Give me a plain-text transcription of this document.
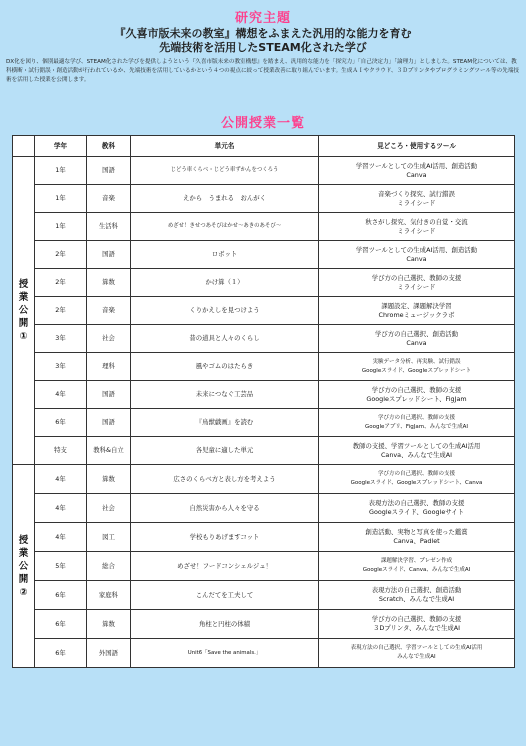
研究主題
『久喜市版未来の教室』構想をふまえた汎用的な能力を育む
先端技術を活用したSTEAM化された学び
DX化を図り、個別最適な学び、STEAM化された学びを提供しようという『久喜市版未来の教室構想』を踏まえ、汎用的な能力を「探究力」「自己決定力」「論理力」としました。STEAM化については、教科横断・試行錯誤・創造活動が行われているか、先端技術を活用しているかという４つの視点に絞って授業改善に取り組んでいます。生成ＡＩやクラウド、３Ｄプリンタやプログラミングツール等の先端技術を活用した授業を公開します。
公開授業一覧
	学年	教科	単元名	見どころ・使用するツール
授業公開①	1年	国語	じどう車くらべ・じどう車ずかんをつくろう	学習ツールとしての生成AI活用、創造活動
Canva

	1年	音楽	えから　うまれる　おんがく	音楽づくり探究、試行錯誤
ミライシード

	1年	生活科	めざせ！きせつあそびはかせ〜あきのあそび〜	秋さがし探究、気付きの自覚・交流
ミライシード

	2年	国語	ロボット	学習ツールとしての生成AI活用、創造活動
Canva

	2年	算数	かけ算（１）	学び方の自己選択、教師の支援
ミライシード

	2年	音楽	くりかえしを見つけよう	課題設定、課題解決学習
Chromeミュージックラボ

	3年	社会	昔の道具と人々のくらし	学び方の自己選択、創造活動
Canva

	3年	理科	風やゴムのはたらき	実験データ分析、再実験、試行錯誤
Googleスライド、Googleスプレッドシート

	4年	国語	未来につなぐ工芸品	学び方の自己選択、教師の支援
Googleスプレッドシート、FigJam

	6年	国語	『鳥獣戯画』を読む	学び方の自己選択、教師の支援
Googleアプリ、FigJam、みんなで生成AI

	特支	教科&自立	各児童に適した単元	教師の支援、学習ツールとしての生成AI活用
Canva、みんなで生成AI

授業公開②	4年	算数	広さのくらべ方と表し方を考えよう	学び方の自己選択、教師の支援
Googleスライド、Googleスプレッドシート、Canva

	4年	社会	自然災害から人々を守る	表現方法の自己選択、教師の支援
Googleスライド、Googleサイト

	4年	図工	学校もりあげますコット	創造活動、実物と写真を使った鑑賞
Canva、Padlet

	5年	総合	めざせ！フードコンシェルジュ！	課題解決学習、プレゼン作成
Googleスライド、Canva、みんなで生成AI

	6年	家庭科	こんだてを工夫して	表現方法の自己選択、創造活動
Scratch、みんなで生成AI

	6年	算数	角柱と円柱の体積	学び方の自己選択、教師の支援
３Dプリンタ、みんなで生成AI

	6年	外国語	Unit6「Save the animals.」	表現方法の自己選択、学習ツールとしての生成AI活用
みんなで生成AI
